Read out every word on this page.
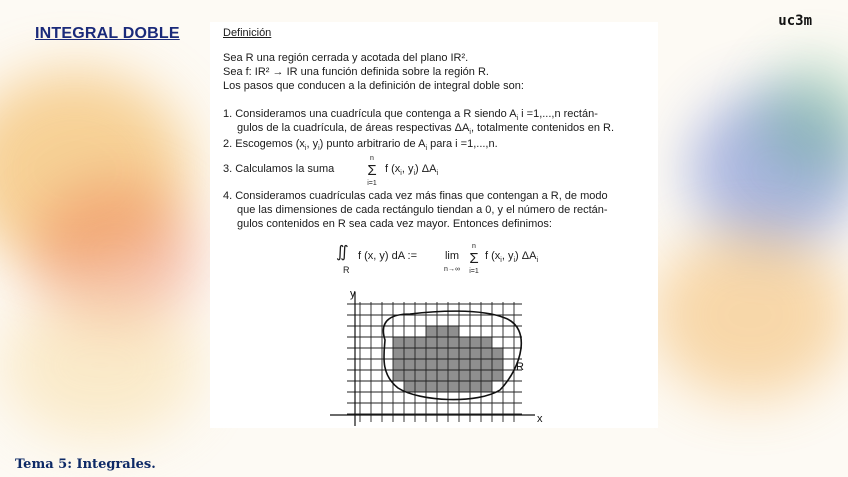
INTEGRAL DOBLE
uc3m
Tema 5: Integrales.
Definición
Sea R una región cerrada y acotada del plano IR².
Sea f: IR² → IR una función definida sobre la región R.
Los pasos que conducen a la definición de integral doble son:
1. Consideramos una cuadrícula que contenga a R siendo $A_i$ i =1,...,n rectán-
gulos de la cuadrícula, de áreas respectivas $\Delta A_i$, totalmente contenidos en R.
2. Escogemos ($x_i$, $y_i$) punto arbitrario de $A_i$ para i =1,...,n.
3. Calculamos la suma
n
Σ
i=1
f ($x_i$, $y_i$) $\Delta A_i$
4. Consideramos cuadrículas cada vez más finas que contengan a R, de modo
que las dimensiones de cada rectángulo tiendan a 0, y el número de rectán-
gulos contenidos en R sea cada vez mayor. Entonces definimos:
∬
R
f (x, y) dA :=	lim
n→∞
n
Σ
i=1
f ($x_i$, $y_i$) $\Delta A_i$
y
x
R
